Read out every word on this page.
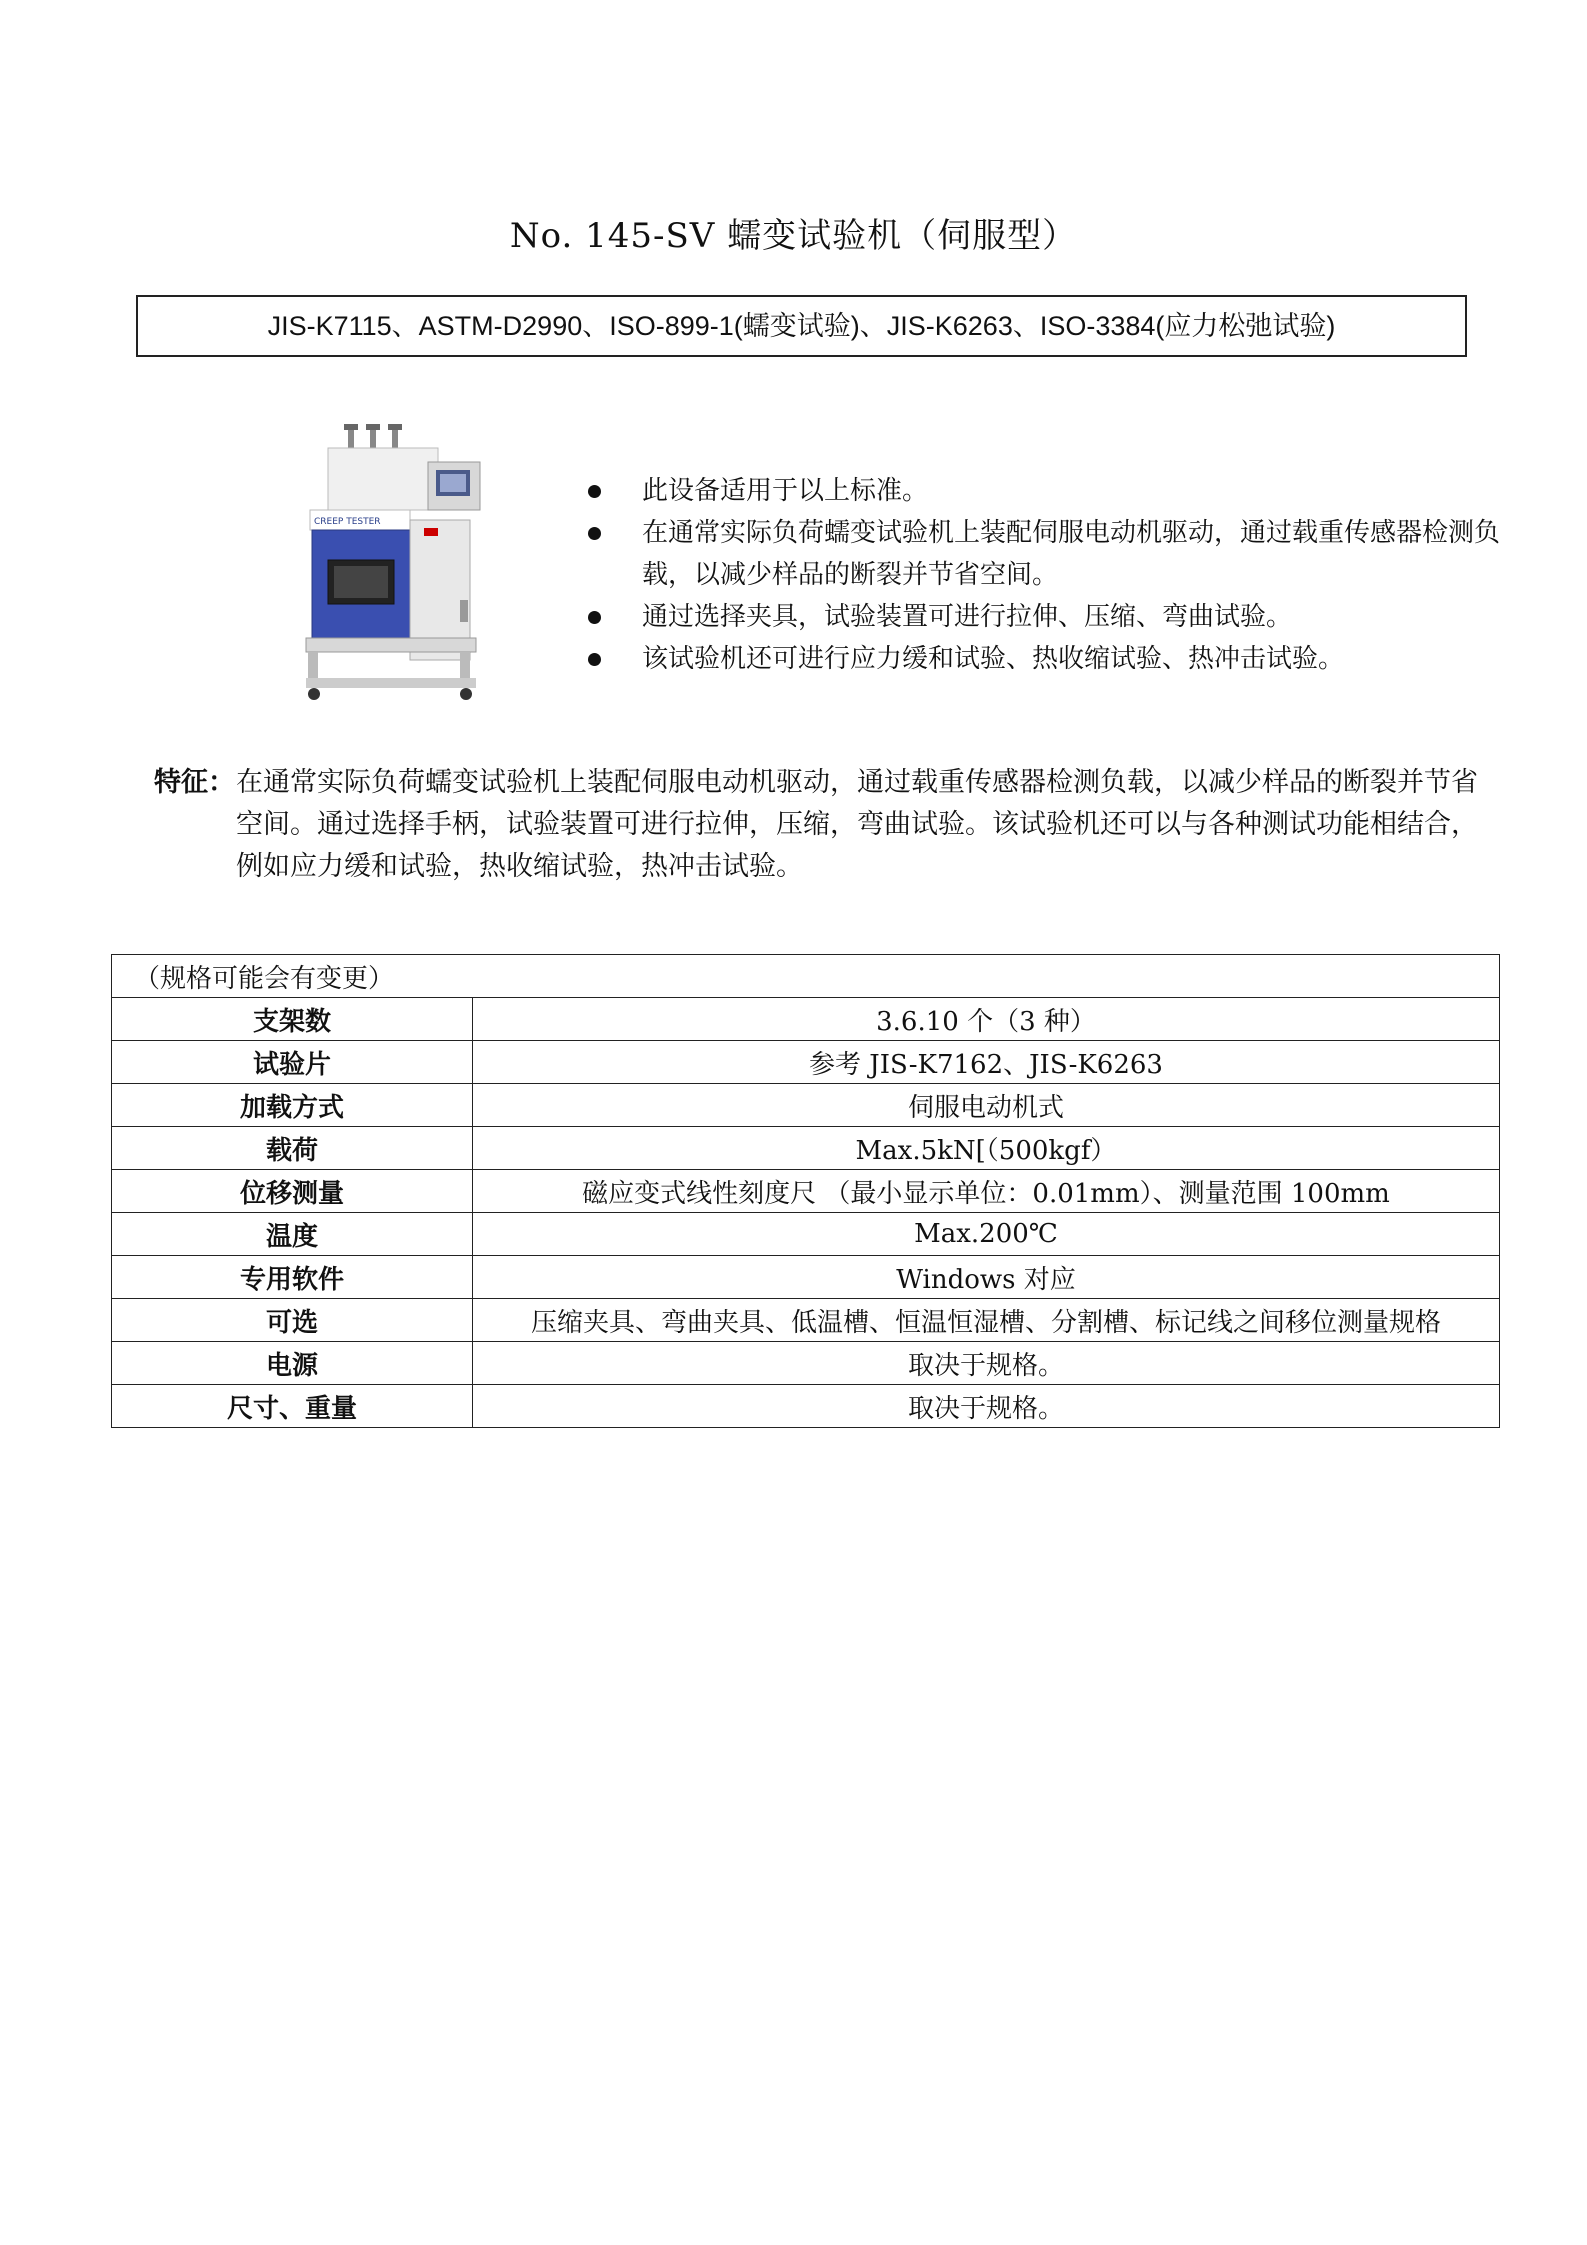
No. 145-SV 蠕变试验机（伺服型）
JIS-K7115、ASTM-D2990、ISO-899-1(蠕变试验)、JIS-K6263、ISO-3384(应力松弛试验)
CREEP TESTER
此设备适用于以上标准。
在通常实际负荷蠕变试验机上装配伺服电动机驱动，通过载重传感器检测负载，以减少样品的断裂并节省空间。
通过选择夹具，试验装置可进行拉伸、压缩、弯曲试验。
该试验机还可进行应力缓和试验、热收缩试验、热冲击试验。
特征： 在通常实际负荷蠕变试验机上装配伺服电动机驱动，通过载重传感器检测负载，以减少样品的断裂并节省空间。通过选择手柄，试验装置可进行拉伸，压缩，弯曲试验。该试验机还可以与各种测试功能相结合，例如应力缓和试验，热收缩试验，热冲击试验。
（规格可能会有变更）	
支架数	3.6.10 个（3 种）
试验片	参考 JIS-K7162、JIS-K6263
加载方式	伺服电动机式
载荷	Max.5kN[（500kgf）
位移测量	磁应变式线性刻度尺 （最小显示单位：0.01mm）、测量范围 100mm
温度	Max.200℃
专用软件	Windows 对应
可选	压缩夹具、弯曲夹具、低温槽、恒温恒湿槽、分割槽、标记线之间移位测量规格
电源	取决于规格。
尺寸、重量	取决于规格。
